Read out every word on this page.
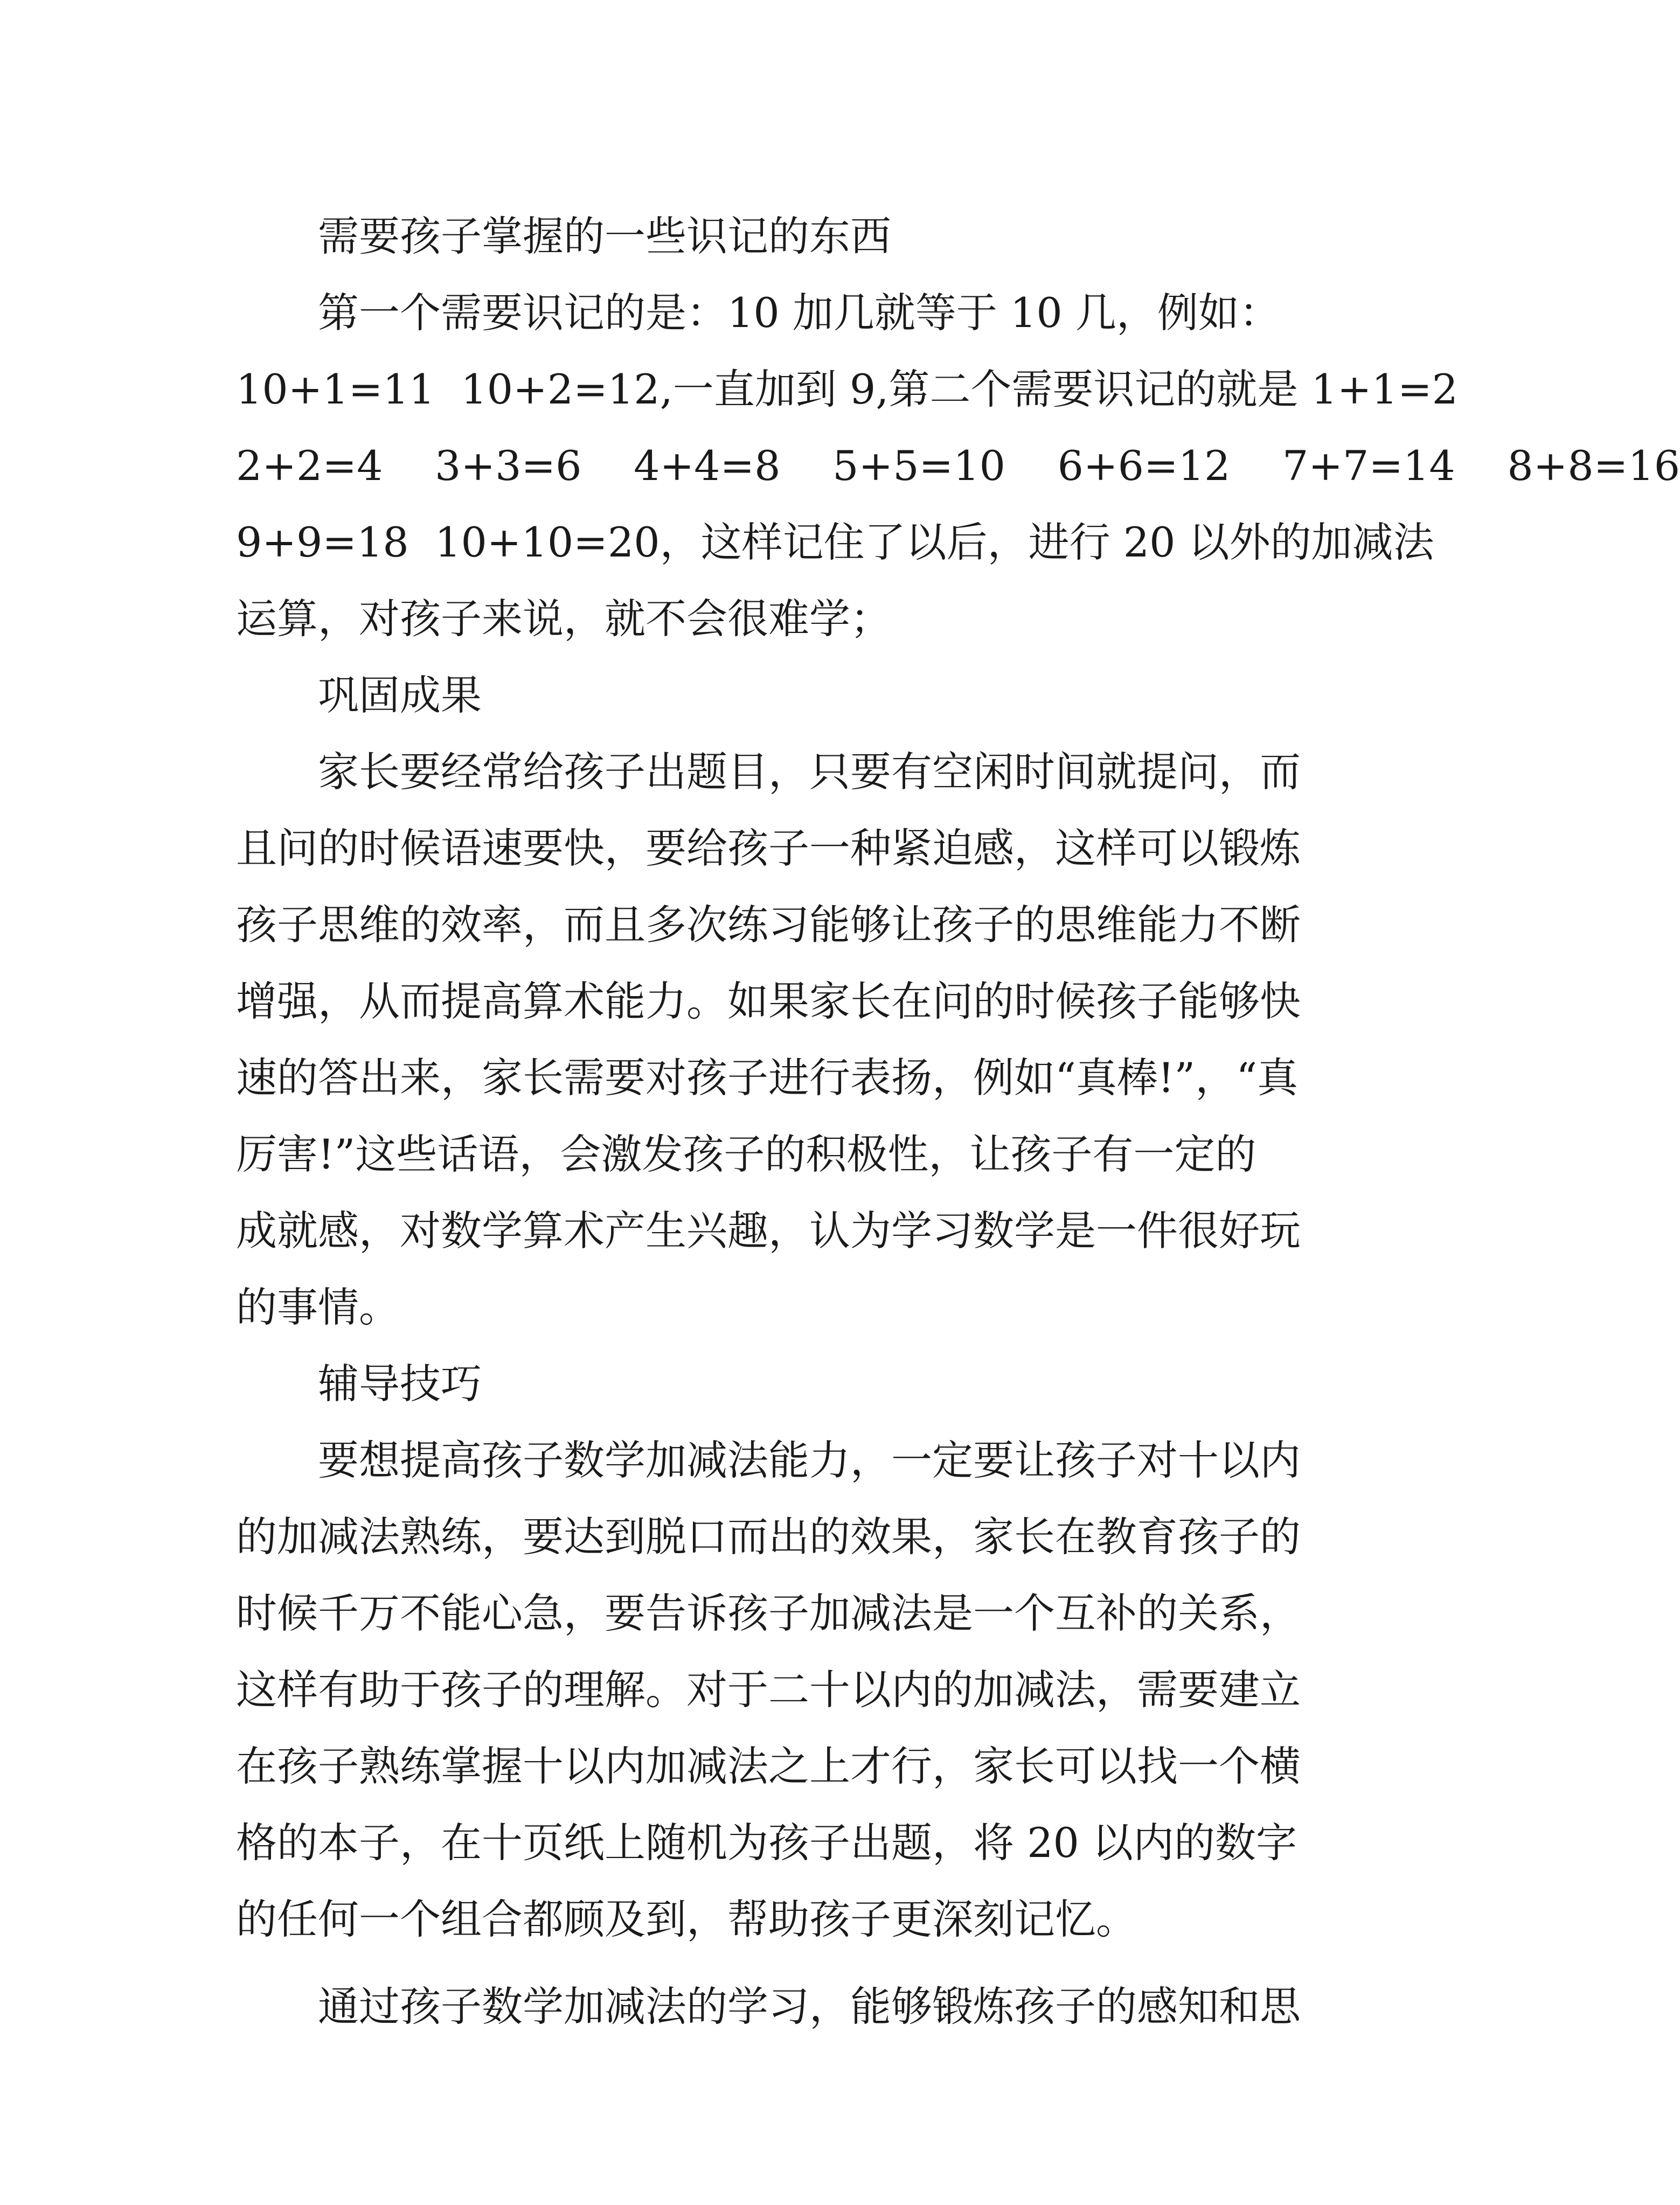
需要孩子掌握的一些识记的东西
第一个需要识记的是：10 加几就等于 10 几，例如：
10+1=11  10+2=12,一直加到 9,第二个需要识记的就是 1+1=2
2+2=4    3+3=6    4+4=8    5+5=10    6+6=12    7+7=14    8+8=16
9+9=18  10+10=20，这样记住了以后，进行 20 以外的加减法
运算，对孩子来说，就不会很难学；
巩固成果
家长要经常给孩子出题目，只要有空闲时间就提问，而
且问的时候语速要快，要给孩子一种紧迫感，这样可以锻炼
孩子思维的效率，而且多次练习能够让孩子的思维能力不断
增强，从而提高算术能力。如果家长在问的时候孩子能够快
速的答出来，家长需要对孩子进行表扬，例如“真棒!”，“真
厉害!”这些话语，会激发孩子的积极性，让孩子有一定的
成就感，对数学算术产生兴趣，认为学习数学是一件很好玩
的事情。
辅导技巧
要想提高孩子数学加减法能力，一定要让孩子对十以内
的加减法熟练，要达到脱口而出的效果，家长在教育孩子的
时候千万不能心急，要告诉孩子加减法是一个互补的关系，
这样有助于孩子的理解。对于二十以内的加减法，需要建立
在孩子熟练掌握十以内加减法之上才行，家长可以找一个横
格的本子，在十页纸上随机为孩子出题，将 20 以内的数字
的任何一个组合都顾及到，帮助孩子更深刻记忆。
通过孩子数学加减法的学习，能够锻炼孩子的感知和思
